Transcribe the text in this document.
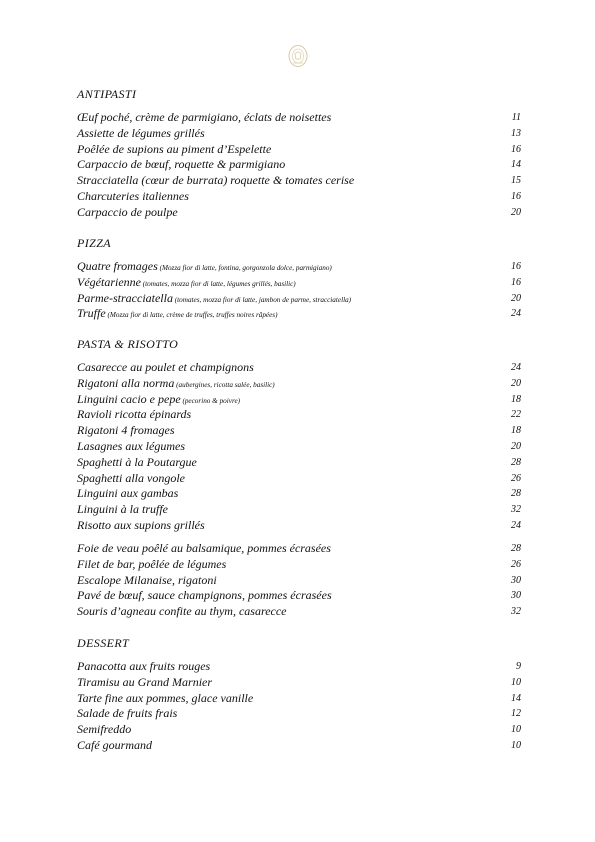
ANTIPASTI
Œuf poché, crème de parmigiano, éclats de noisettes	11
Assiette de légumes grillés	13
Poêlée de supions au piment d’Espelette	16
Carpaccio de bœuf, roquette & parmigiano	14
Stracciatella (cœur de burrata) roquette & tomates cerise	15
Charcuteries italiennes	16
Carpaccio de poulpe	20
PIZZA
Quatre fromages (Mozza fior di latte, fontina, gorgonzola dolce, parmigiano)	16
Végétarienne (tomates, mozza fior di latte, légumes grillés, basilic)	16
Parme-stracciatella (tomates, mozza fior di latte, jambon de parme, stracciatella)	20
Truffe (Mozza fior di latte, crème de truffes, truffes noires râpées)	24
PASTA & RISOTTO
Casarecce au poulet et champignons	24
Rigatoni alla norma (aubergines, ricotta salée, basilic)	20
Linguini cacio e pepe (pecorino & poivre)	18
Ravioli ricotta épinards	22
Rigatoni 4 fromages	18
Lasagnes aux légumes	20
Spaghetti à la Poutargue	28
Spaghetti alla vongole	26
Linguini aux gambas	28
Linguini à la truffe	32
Risotto aux supions grillés	24
Foie de veau poêlé au balsamique, pommes écrasées	28
Filet de bar, poêlée de légumes	26
Escalope Milanaise, rigatoni	30
Pavé de bœuf, sauce champignons, pommes écrasées	30
Souris d’agneau confite au thym, casarecce	32
DESSERT
Panacotta aux fruits rouges	9
Tiramisu au Grand Marnier	10
Tarte fine aux pommes, glace vanille	14
Salade de fruits frais	12
Semifreddo	10
Café gourmand	10
